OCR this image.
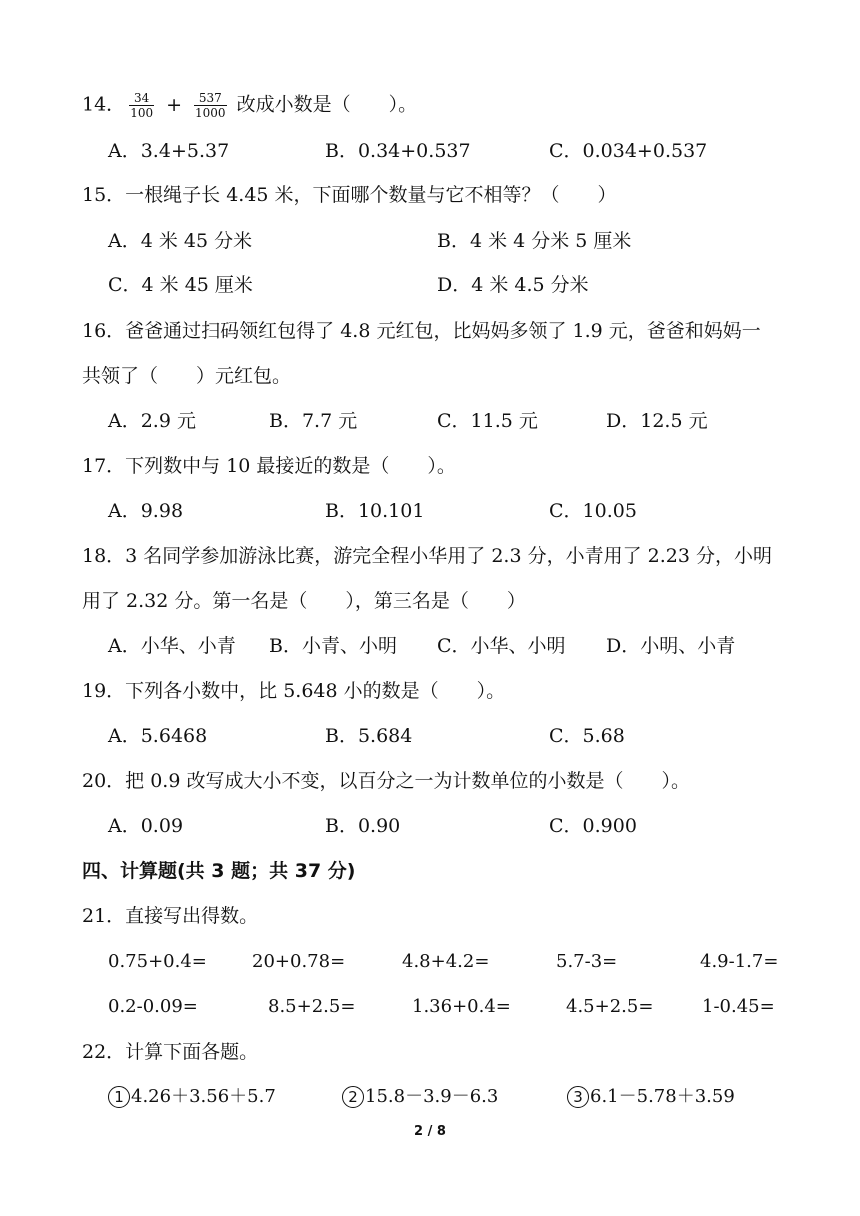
14． $\frac{34}{100} + \frac{537}{1000}$ 改成小数是（　　）。
A．3.4+5.37	B．0.34+0.537	C．0.034+0.537
15．一根绳子长 4.45 米，下面哪个数量与它不相等？（　　）
A．4 米 45 分米	B．4 米 4 分米 5 厘米
C．4 米 45 厘米	D．4 米 4.5 分米
16．爸爸通过扫码领红包得了 4.8 元红包，比妈妈多领了 1.9 元，爸爸和妈妈一
共领了（　　）元红包。
A．2.9 元	B．7.7 元	C．11.5 元	D．12.5 元
17．下列数中与 10 最接近的数是（　　）。
A．9.98	B．10.101	C．10.05
18．3 名同学参加游泳比赛，游完全程小华用了 2.3 分，小青用了 2.23 分，小明
用了 2.32 分。第一名是（　　），第三名是（　　）
A．小华、小青 B．小青、小明 C．小华、小明 D．小明、小青
19．下列各小数中，比 5.648 小的数是（　　）。
A．5.6468	B．5.684	C．5.68
20．把 0.9 改写成大小不变，以百分之一为计数单位的小数是（　　）。
A．0.09	B．0.90	C．0.900
四、计算题(共 3 题；共 37 分)
21．直接写出得数。
0.75+0.4=	20+0.78=	4.8+4.2=	5.7-3=	4.9-1.7=
0.2-0.09=	8.5+2.5=	1.36+0.4=	4.5+2.5=	1-0.45=
22．计算下面各题。
1 4.26＋3.56＋5.7	2 15.8－3.9－6.3	3 6.1－5.78＋3.59
2 / 8
